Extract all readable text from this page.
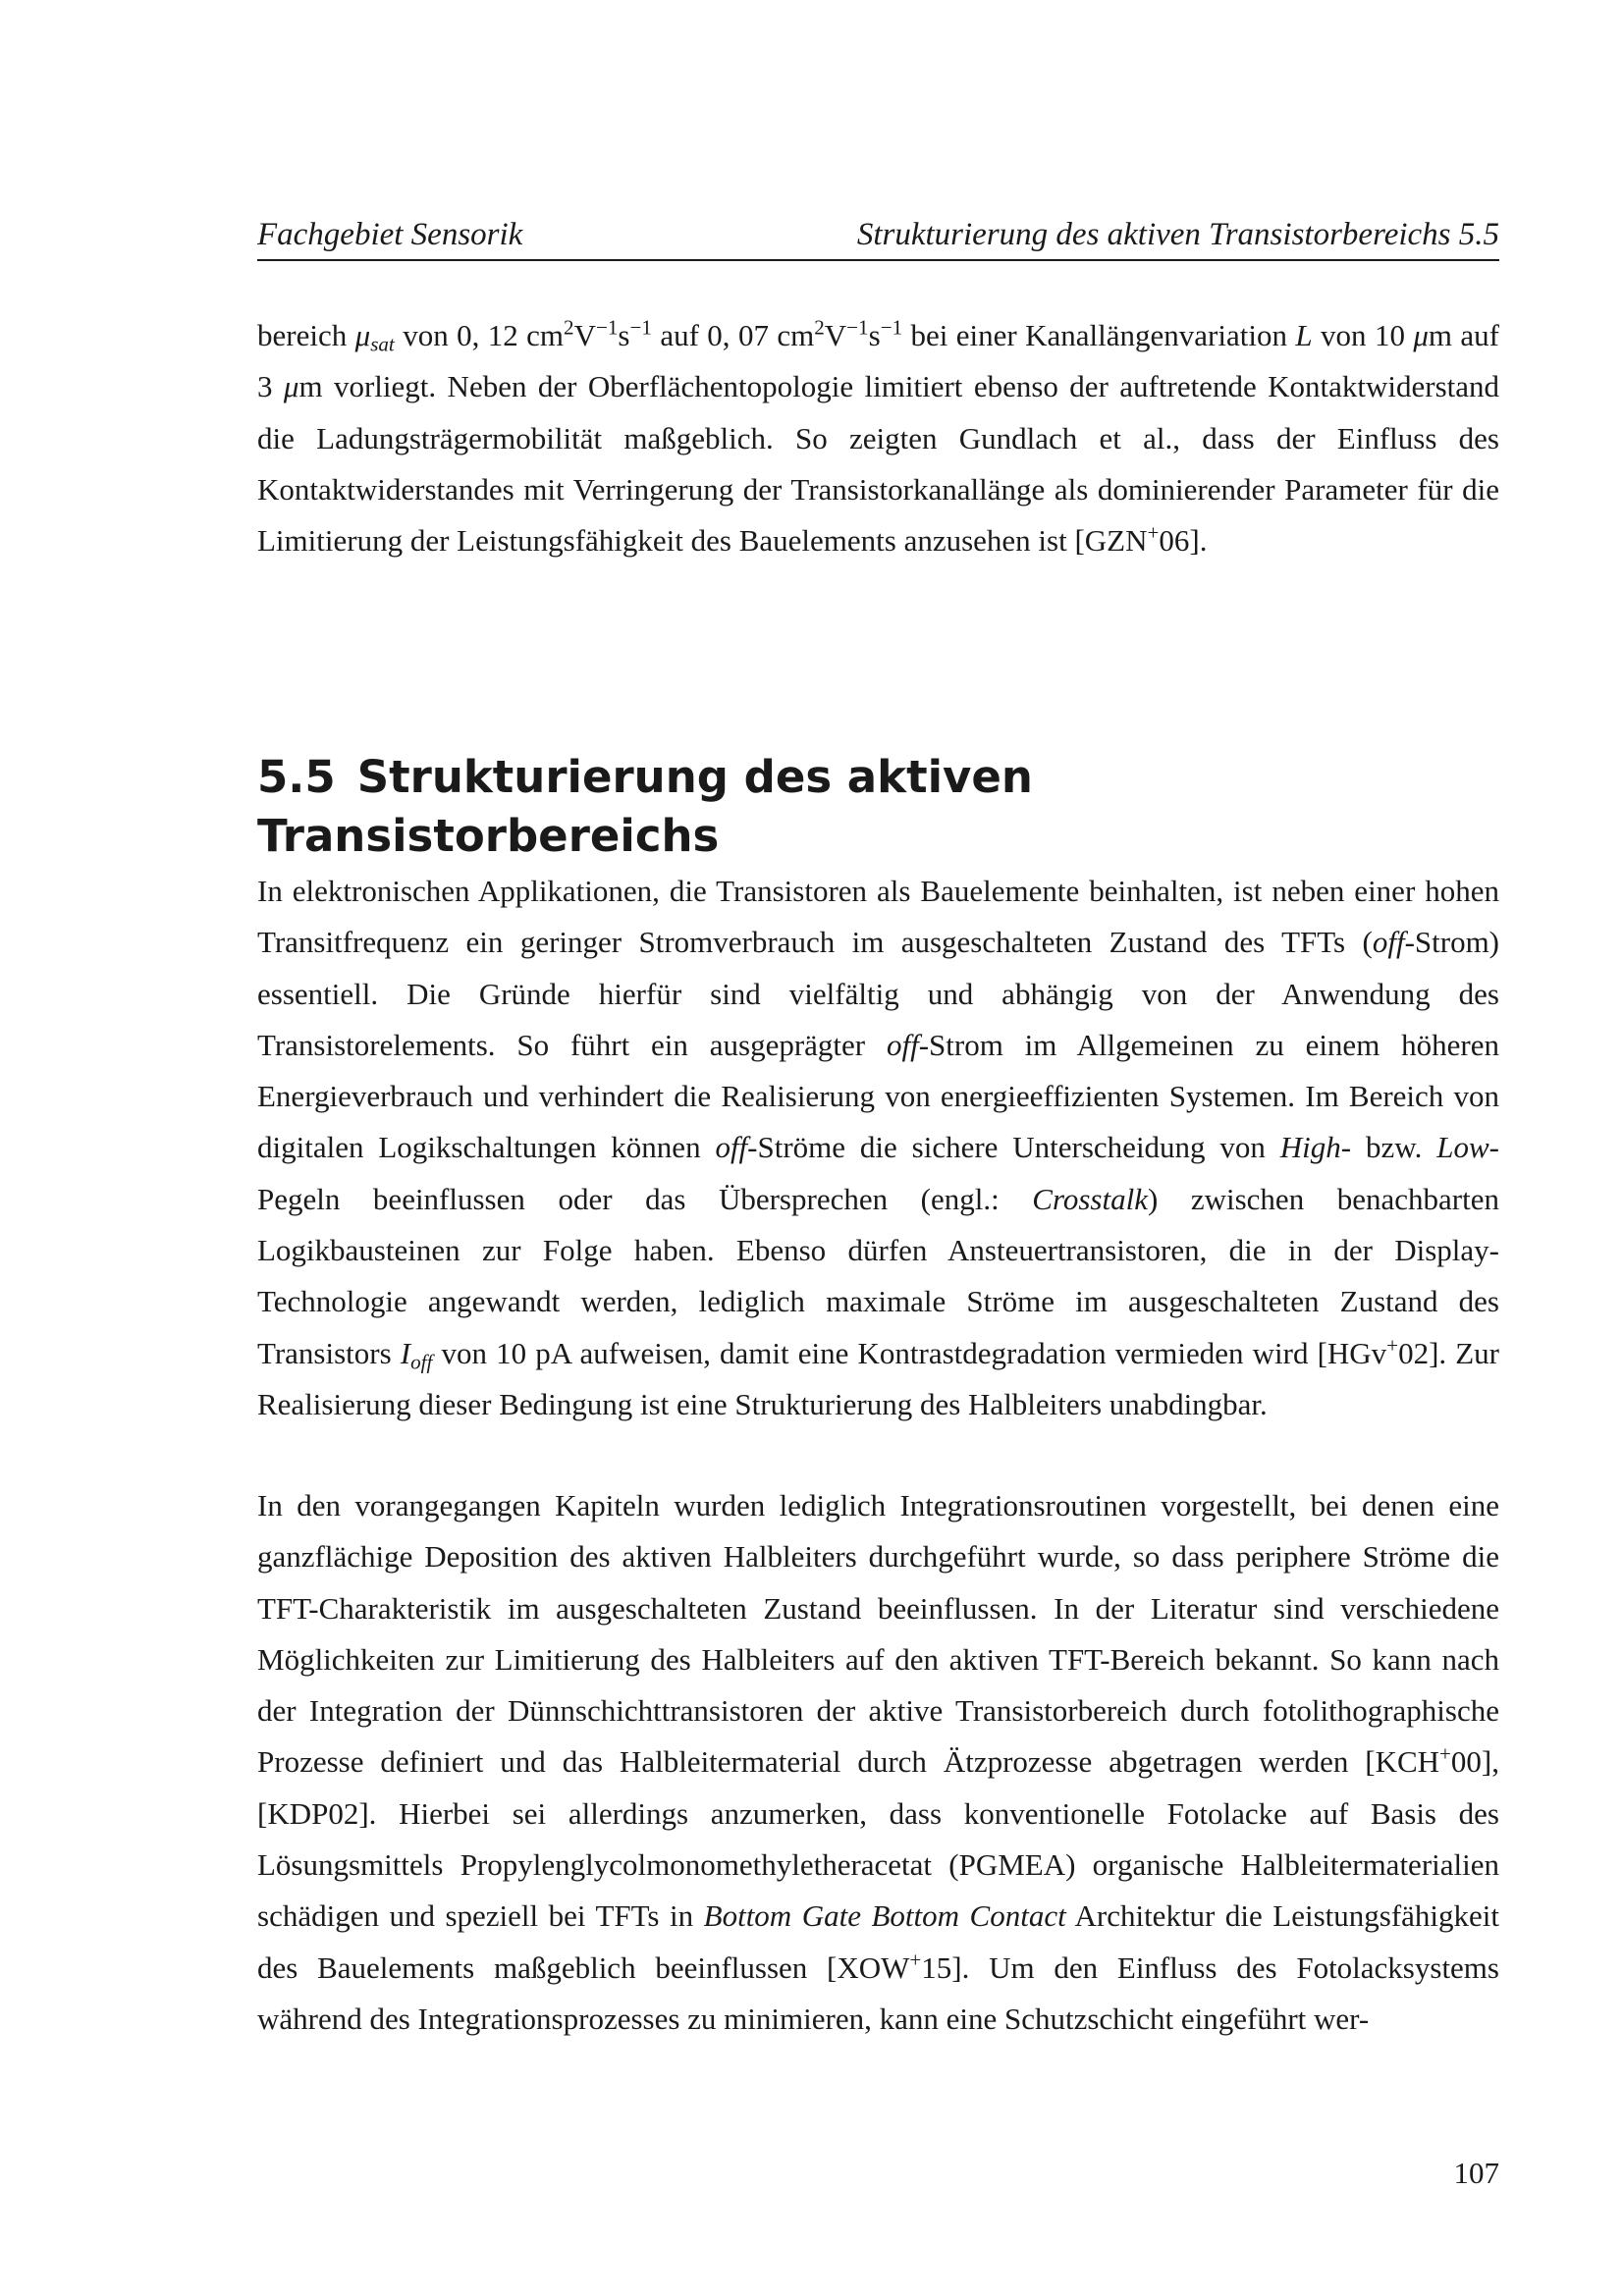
Fachgebiet Sensorik	Strukturierung des aktiven Transistorbereichs 5.5

bereich $\mu_{sat}$ von 0, 12 $cm^2V^{-1}s^{-1}$ auf 0, 07 $cm^2V^{-1}s^{-1}$ bei einer Kanallängenvariation L von 10 μm auf 3 μm vorliegt. Neben der Oberflächentopologie limitiert ebenso der auftretende Kontaktwiderstand die Ladungsträgermobilität maßgeblich. So zeigten Gundlach et al., dass der Einfluss des Kontaktwiderstandes mit Verringerung der Transistorkanallänge als dominierender Parameter für die Limitierung der Leistungsfähigkeit des Bauelements anzusehen ist [GZN+06].

5.5 Strukturierung des aktiven Transistorbereichs

In elektronischen Applikationen, die Transistoren als Bauelemente beinhalten, ist neben einer hohen Transitfrequenz ein geringer Stromverbrauch im ausgeschalteten Zustand des TFTs (off-Strom) essentiell. Die Gründe hierfür sind vielfältig und abhängig von der Anwendung des Transistorelements. So führt ein ausgeprägter off-Strom im Allgemeinen zu einem höheren Energieverbrauch und verhindert die Realisierung von energieeffizienten Systemen. Im Bereich von digitalen Logikschaltungen können off-Ströme die sichere Unterscheidung von High- bzw. Low-Pegeln beeinflussen oder das Übersprechen (engl.: Crosstalk) zwischen benachbarten Logikbausteinen zur Folge haben. Ebenso dürfen Ansteuertransistoren, die in der Display-Technologie angewandt werden, lediglich maximale Ströme im ausgeschalteten Zustand des Transistors $I_{off}$ von 10 pA aufweisen, damit eine Kontrastdegradation vermieden wird [HGv+02]. Zur Realisierung dieser Bedingung ist eine Strukturierung des Halbleiters unabdingbar.

In den vorangegangen Kapiteln wurden lediglich Integrationsroutinen vorgestellt, bei denen eine ganzflächige Deposition des aktiven Halbleiters durchgeführt wurde, so dass periphere Ströme die TFT-Charakteristik im ausgeschalteten Zustand beeinflussen. In der Literatur sind verschiedene Möglichkeiten zur Limitierung des Halbleiters auf den aktiven TFT-Bereich bekannt. So kann nach der Integration der Dünnschichttransistoren der aktive Transistorbereich durch fotolithographische Prozesse definiert und das Halbleitermaterial durch Ätzprozesse abgetragen werden [KCH+00], [KDP02]. Hierbei sei allerdings anzumerken, dass konventionelle Fotolacke auf Basis des Lösungsmittels Propylenglycolmonomethyletheracetat (PGMEA) organische Halbleitermaterialien schädigen und speziell bei TFTs in Bottom Gate Bottom Contact Architektur die Leistungsfähigkeit des Bauelements maßgeblich beeinflussen [XOW+15]. Um den Einfluss des Fotolacksystems während des Integrationsprozesses zu minimieren, kann eine Schutzschicht eingeführt wer-

107
